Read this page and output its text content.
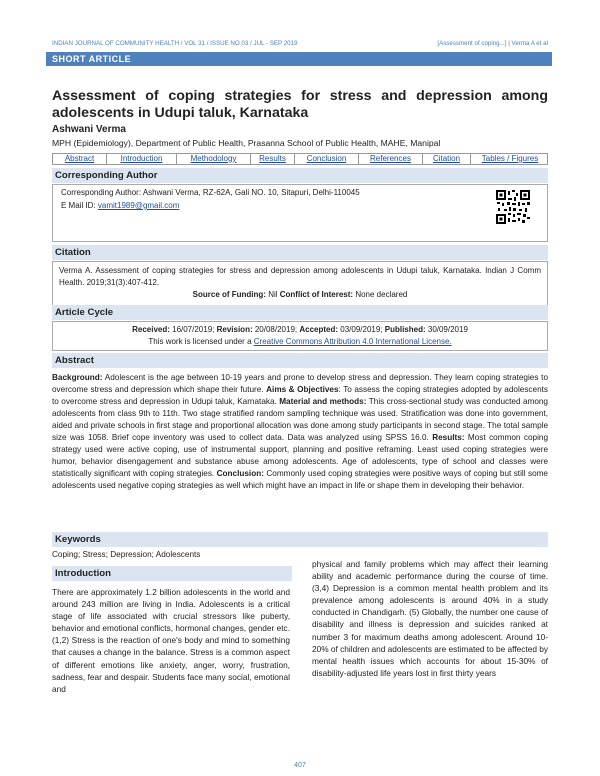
INDIAN JOURNAL OF COMMUNITY HEALTH / VOL 31 / ISSUE NO 03 / JUL - SEP 2019	[Assessment of coping...] | Verma A et al
SHORT ARTICLE
Assessment of coping strategies for stress and depression among adolescents in Udupi taluk, Karnataka
Ashwani Verma
MPH (Epidemiology), Department of Public Health, Prasanna School of Public Health, MAHE, Manipal
Abstract	Introduction	Methodology	Results	Conclusion	References	Citation	Tables / Figures
Corresponding Author
Corresponding Author: Ashwani Verma, RZ-62A, Gali NO. 10, Sitapuri, Delhi-110045
E Mail ID: vamit1989@gmail.com
Citation
Verma A. Assessment of coping strategies for stress and depression among adolescents in Udupi taluk, Karnataka. Indian J Comm Health. 2019;31(3):407-412.
Source of Funding: Nil Conflict of Interest: None declared
Article Cycle
Received: 16/07/2019; Revision: 20/08/2019; Accepted: 03/09/2019; Published: 30/09/2019
This work is licensed under a Creative Commons Attribution 4.0 International License.
Abstract
Background: Adolescent is the age between 10-19 years and prone to develop stress and depression. They learn coping strategies to overcome stress and depression which shape their future. Aims & Objectives: To assess the coping strategies adopted by adolescents to overcome stress and depression in Udupi taluk, Karnataka. Material and methods: This cross-sectional study was conducted among adolescents from class 9th to 11th. Two stage stratified random sampling technique was used. Stratification was done into government, aided and private schools in first stage and proportional allocation was done among study participants in second stage. The total sample size was 1058. Brief cope inventory was used to collect data. Data was analyzed using SPSS 16.0. Results: Most common coping strategy used were active coping, use of instrumental support, planning and positive reframing. Least used coping strategies were humor, behavior disengagement and substance abuse among adolescents. Age of adolescents, type of school and classes were statistically significant with coping strategies. Conclusion: Commonly used coping strategies were positive ways of coping but still some adolescents used negative coping strategies as well which might have an impact in life or shape them in developing their behavior.
Keywords
Coping; Stress; Depression; Adolescents
Introduction
There are approximately 1.2 billion adolescents in the world and around 243 million are living in India. Adolescents is a critical stage of life associated with crucial stressors like puberty, behavior and emotional conflicts, hormonal changes, gender etc. (1,2) Stress is the reaction of one's body and mind to something that causes a change in the balance. Stress is a common aspect of different emotions like anxiety, anger, worry, frustration, sadness, fear and despair. Students face many social, emotional and
physical and family problems which may affect their learning ability and academic performance during the course of time. (3,4) Depression is a common mental health problem and its prevalence among adolescents is around 40% in a study conducted in Chandigarh. (5) Globally, the number one cause of disability and illness is depression and suicides ranked at number 3 for maximum deaths among adolescent. Around 10-20% of children and adolescents are estimated to be affected by mental health issues which accounts for about 15-30% of disability-adjusted life years lost in first thirty years
407
